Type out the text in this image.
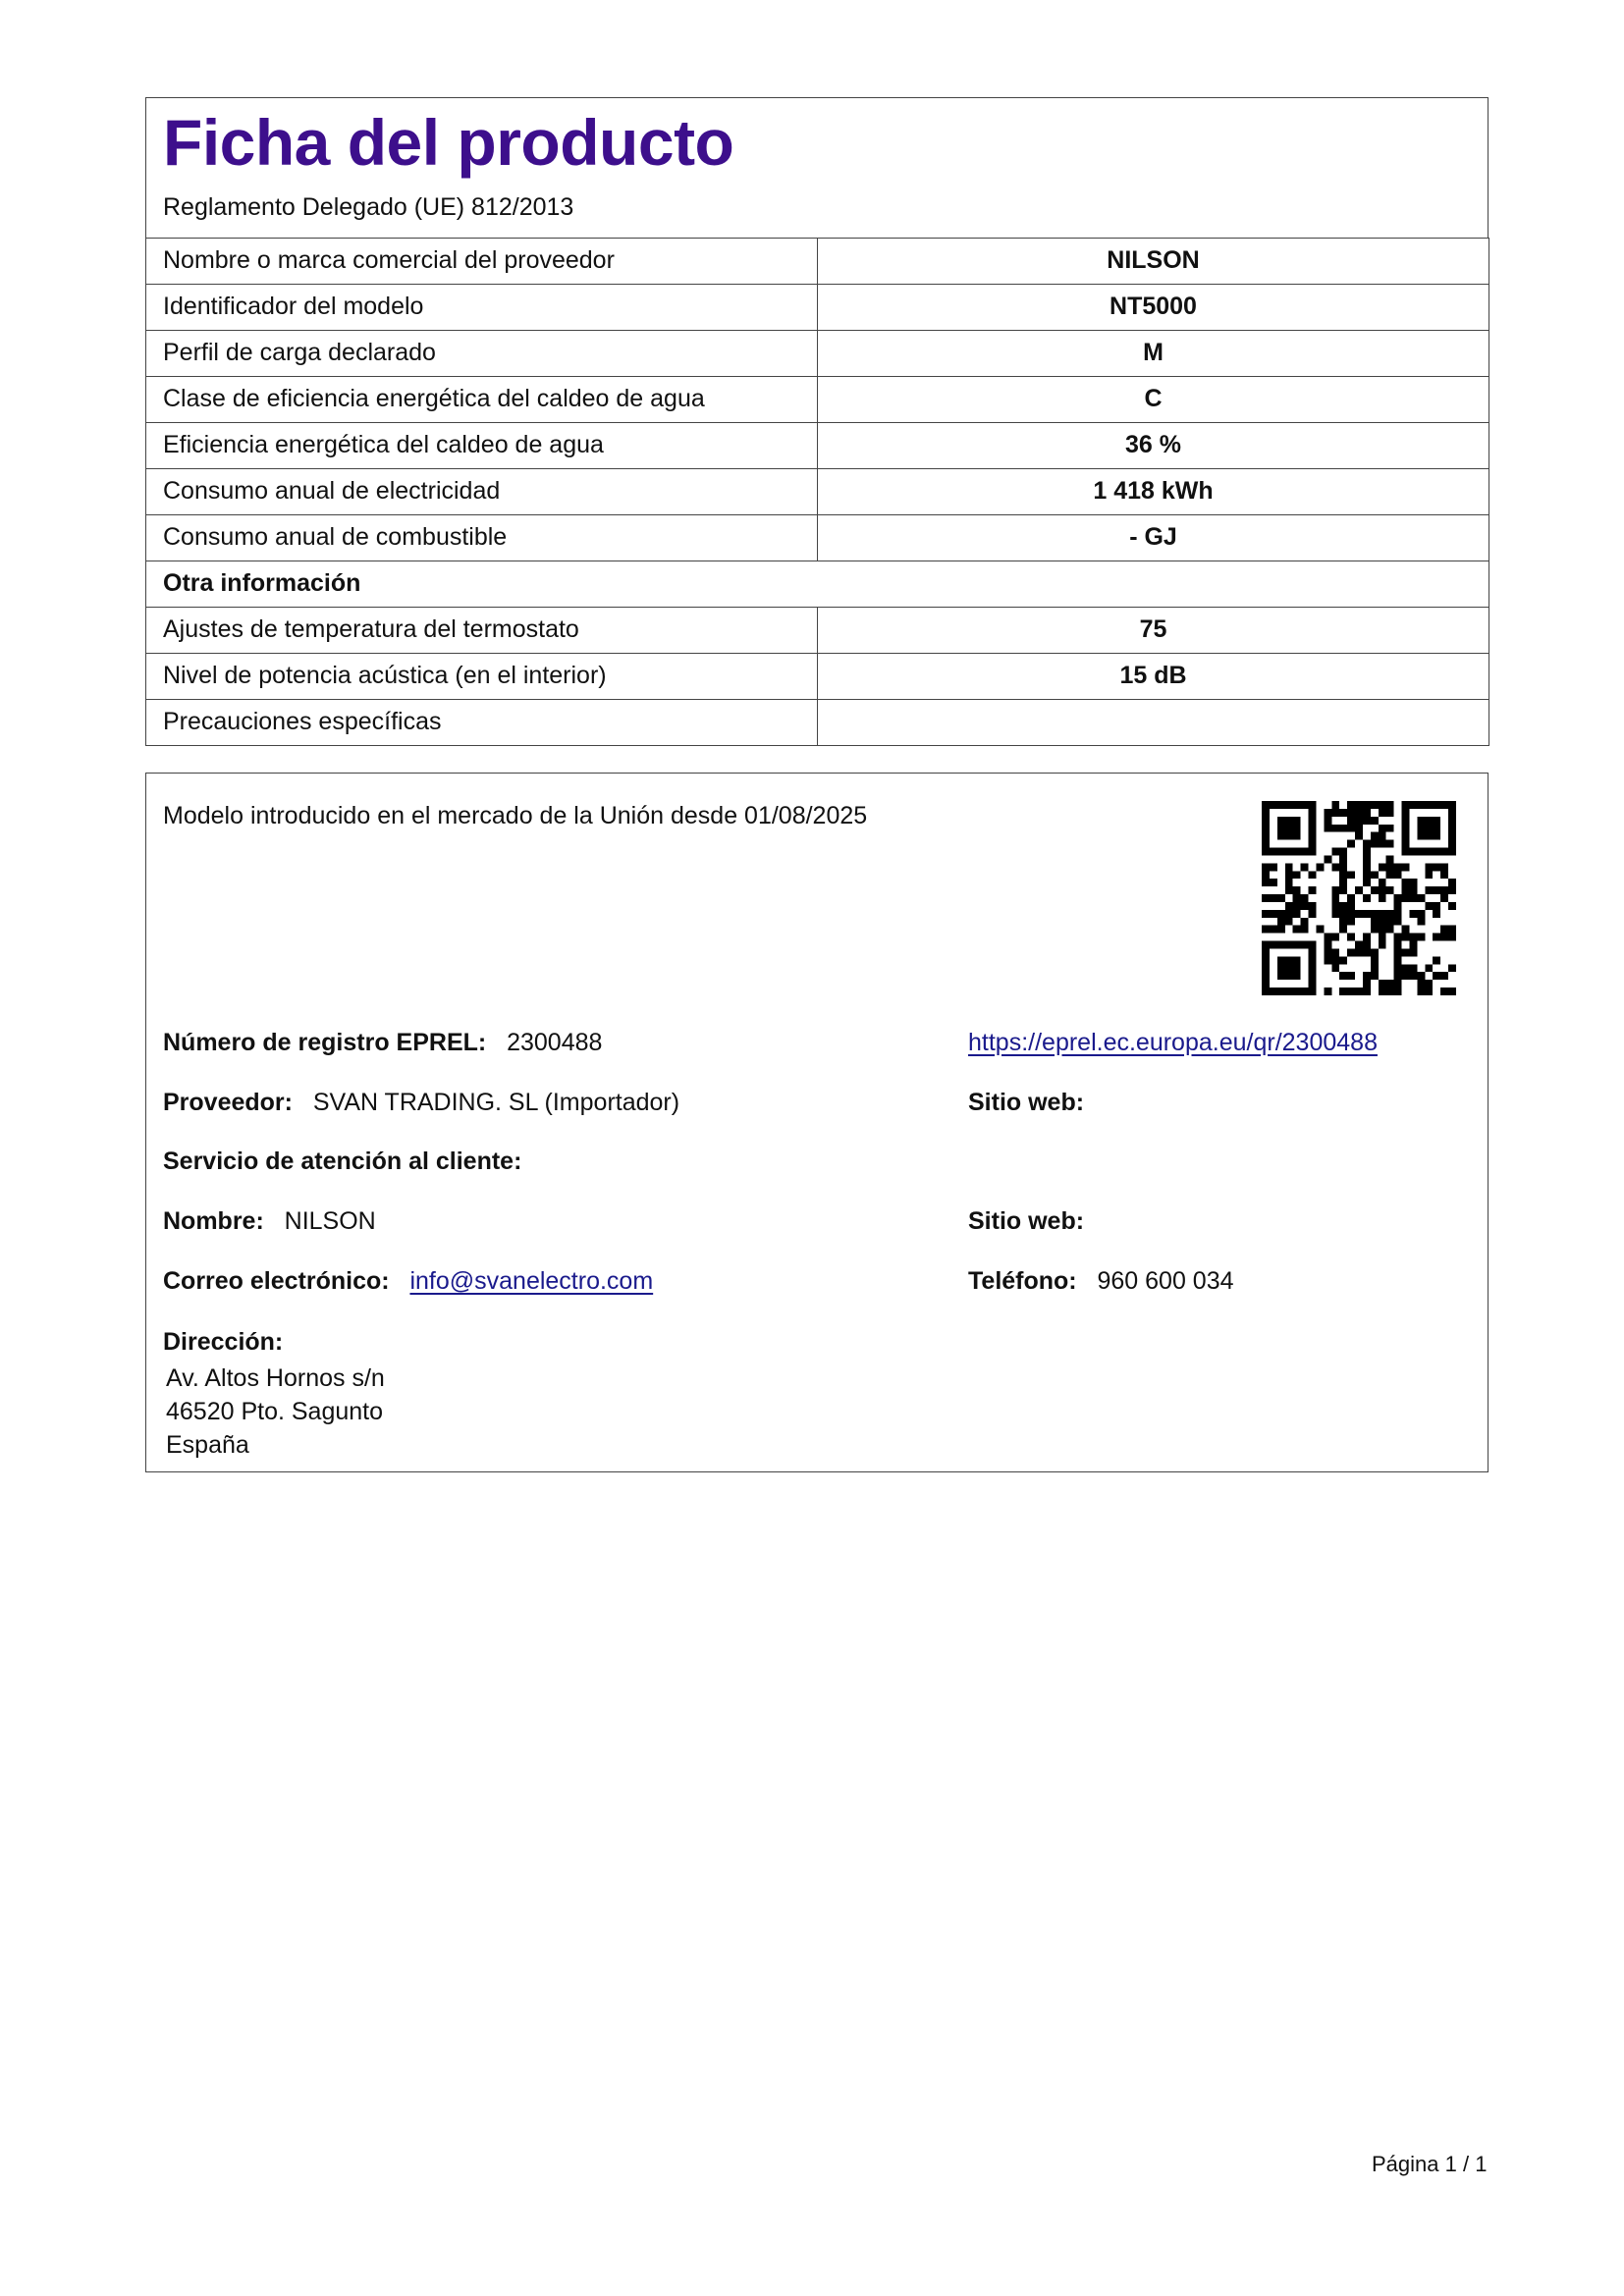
Ficha del producto
Reglamento Delegado (UE) 812/2013
Nombre o marca comercial del proveedor	NILSON
Identificador del modelo	NT5000
Perfil de carga declarado	M
Clase de eficiencia energética del caldeo de agua	C
Eficiencia energética del caldeo de agua	36 %
Consumo anual de electricidad	1 418 kWh
Consumo anual de combustible	- GJ
Otra información	
Ajustes de temperatura del termostato	75
Nivel de potencia acústica (en el interior)	15 dB
Precauciones específicas	
Modelo introducido en el mercado de la Unión desde 01/08/2025
Número de registro EPREL: 2300488	https://eprel.ec.europa.eu/qr/2300488
Proveedor: SVAN TRADING. SL (Importador)	Sitio web:
Servicio de atención al cliente:
Nombre: NILSON	Sitio web:
Correo electrónico: info@svanelectro.com	Teléfono: 960 600 034
Dirección:
Av. Altos Hornos s/n
46520 Pto. Sagunto
España
Página 1 / 1
